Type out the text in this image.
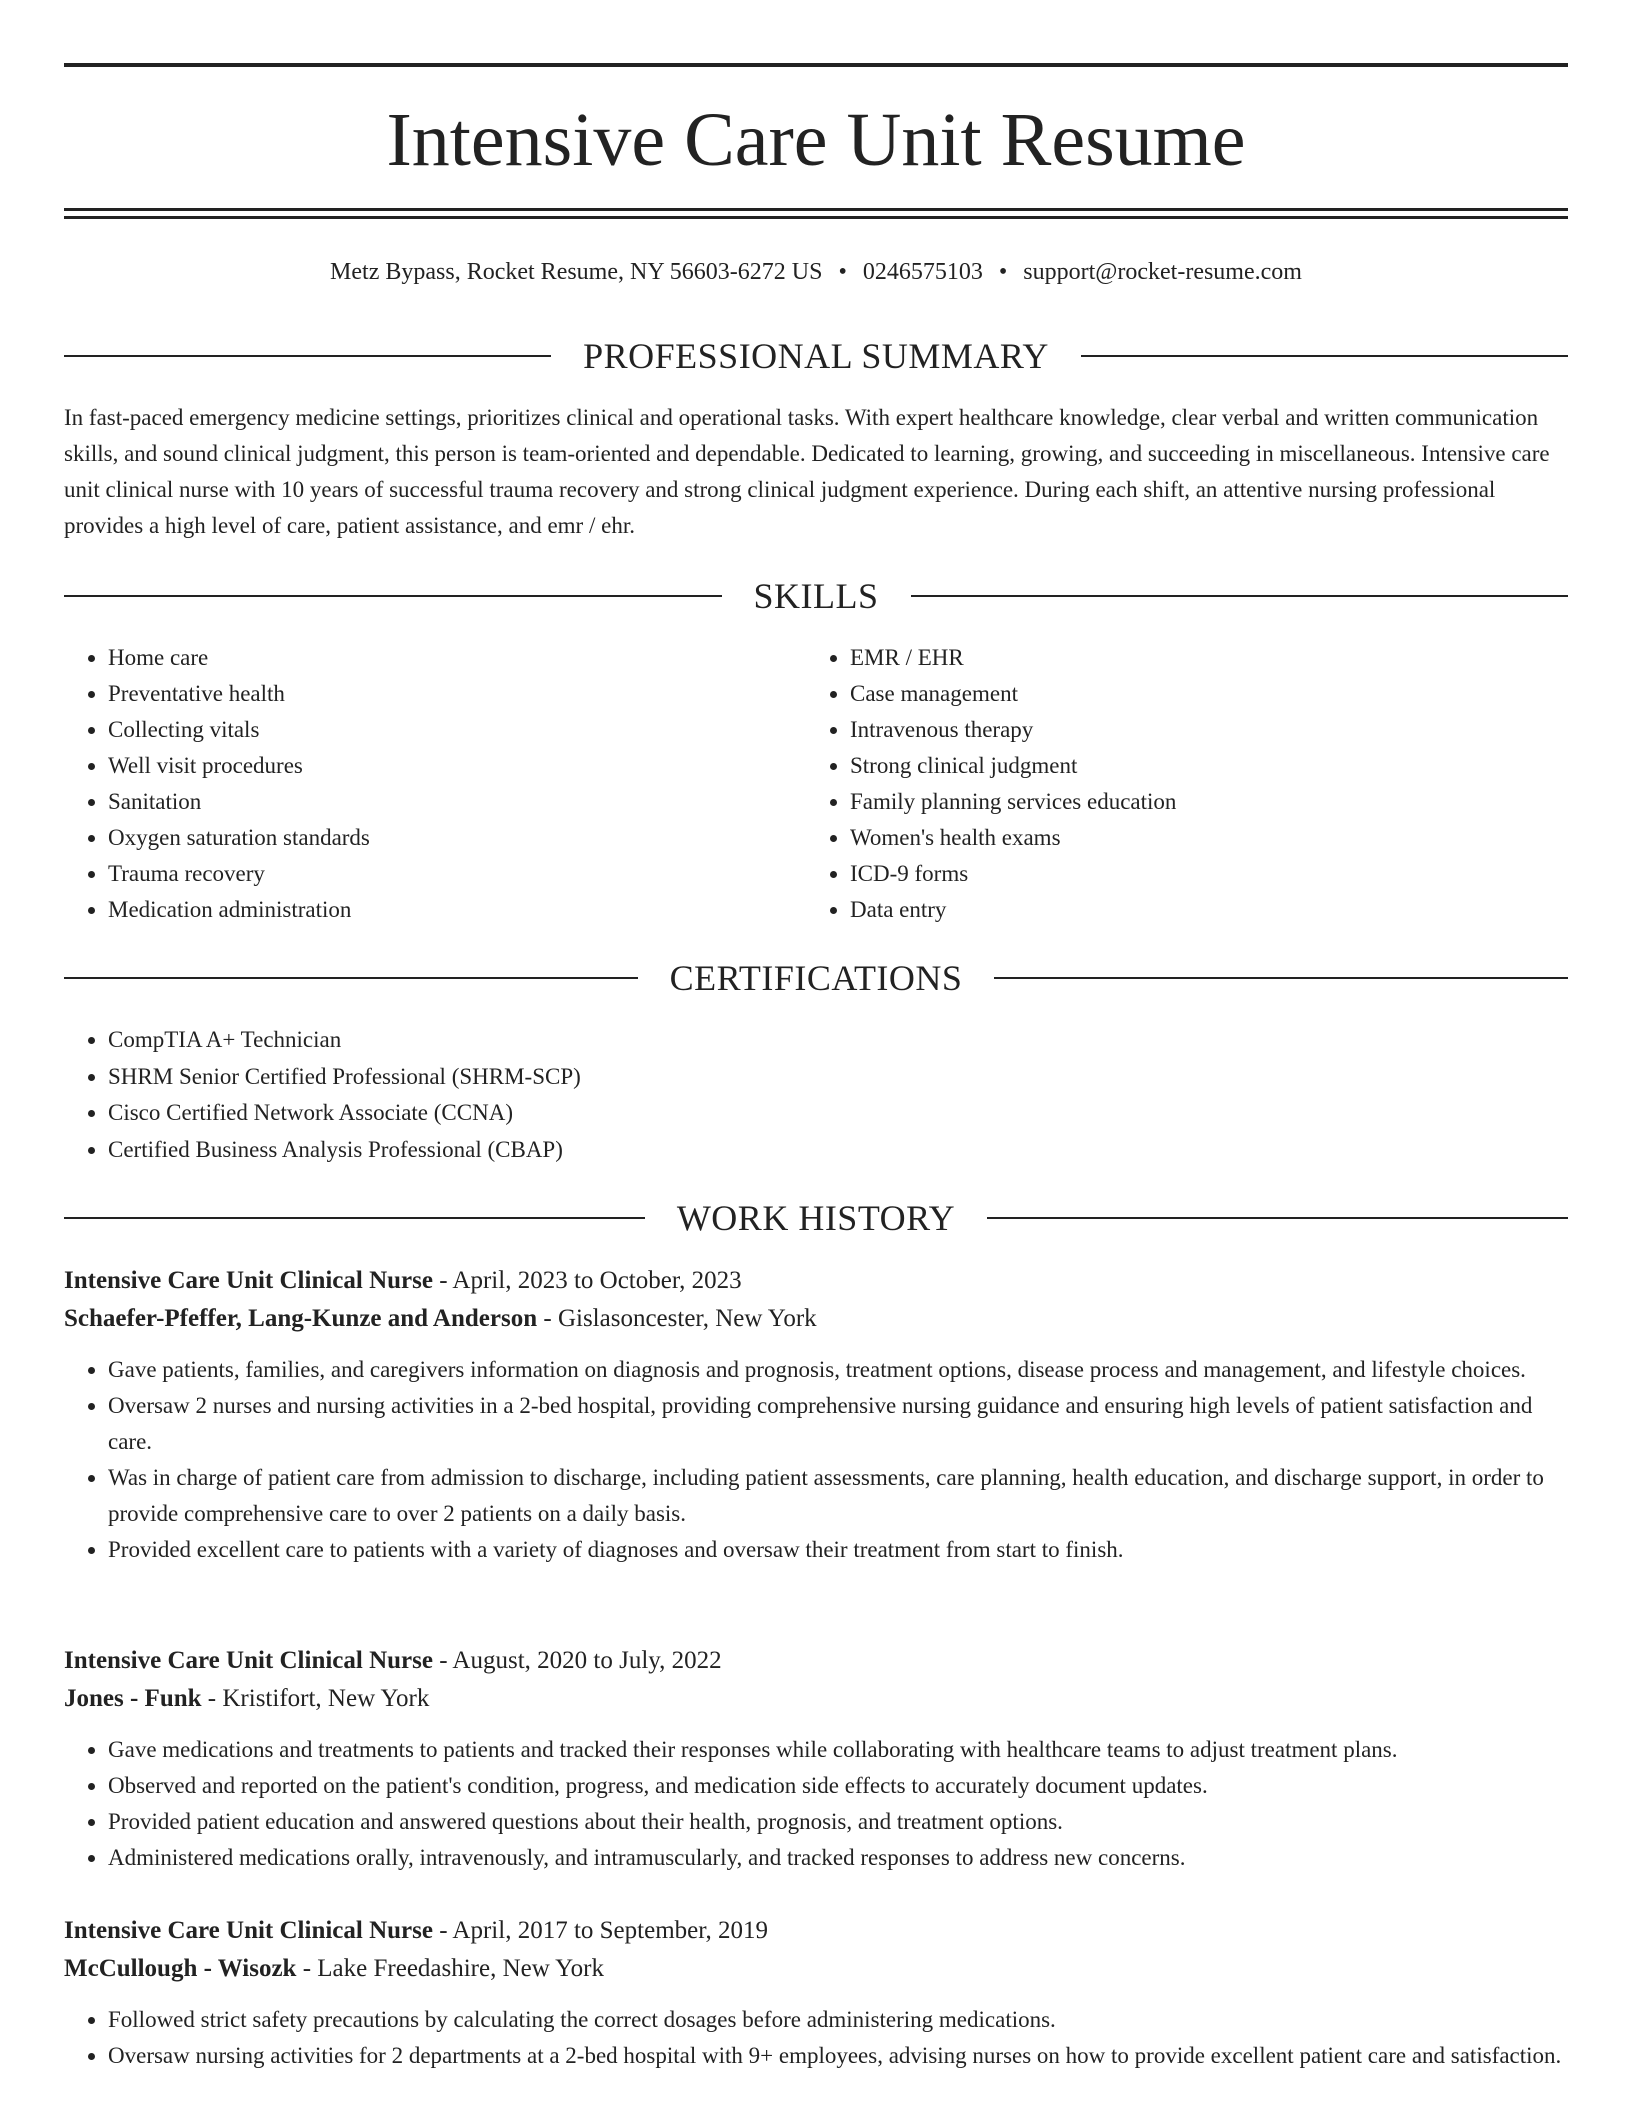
Intensive Care Unit Resume
Metz Bypass, Rocket Resume, NY 56603-6272 US • 0246575103 • support@rocket-resume.com
PROFESSIONAL SUMMARY

In fast-paced emergency medicine settings, prioritizes clinical and operational tasks. With expert healthcare knowledge, clear verbal and written communication skills, and sound clinical judgment, this person is team-oriented and dependable. Dedicated to learning, growing, and succeeding in miscellaneous. Intensive care unit clinical nurse with 10 years of successful trauma recovery and strong clinical judgment experience. During each shift, an attentive nursing professional provides a high level of care, patient assistance, and emr / ehr.

SKILLS
• Home care
• Preventative health
• Collecting vitals
• Well visit procedures
• Sanitation
• Oxygen saturation standards
• Trauma recovery
• Medication administration
• EMR / EHR
• Case management
• Intravenous therapy
• Strong clinical judgment
• Family planning services education
• Women's health exams
• ICD-9 forms
• Data entry
CERTIFICATIONS
• CompTIA A+ Technician
• SHRM Senior Certified Professional (SHRM-SCP)
• Cisco Certified Network Associate (CCNA)
• Certified Business Analysis Professional (CBAP)
WORK HISTORY
Intensive Care Unit Clinical Nurse - April, 2023 to October, 2023
Schaefer-Pfeffer, Lang-Kunze and Anderson - Gislasoncester, New York
• Gave patients, families, and caregivers information on diagnosis and prognosis, treatment options, disease process and management, and lifestyle choices.
• Oversaw 2 nurses and nursing activities in a 2-bed hospital, providing comprehensive nursing guidance and ensuring high levels of patient satisfaction and care.
• Was in charge of patient care from admission to discharge, including patient assessments, care planning, health education, and discharge support, in order to provide comprehensive care to over 2 patients on a daily basis.
• Provided excellent care to patients with a variety of diagnoses and oversaw their treatment from start to finish.
Intensive Care Unit Clinical Nurse - August, 2020 to July, 2022
Jones - Funk - Kristifort, New York
• Gave medications and treatments to patients and tracked their responses while collaborating with healthcare teams to adjust treatment plans.
• Observed and reported on the patient's condition, progress, and medication side effects to accurately document updates.
• Provided patient education and answered questions about their health, prognosis, and treatment options.
• Administered medications orally, intravenously, and intramuscularly, and tracked responses to address new concerns.
Intensive Care Unit Clinical Nurse - April, 2017 to September, 2019
McCullough - Wisozk - Lake Freedashire, New York
• Followed strict safety precautions by calculating the correct dosages before administering medications.
• Oversaw nursing activities for 2 departments at a 2-bed hospital with 9+ employees, advising nurses on how to provide excellent patient care and satisfaction.
